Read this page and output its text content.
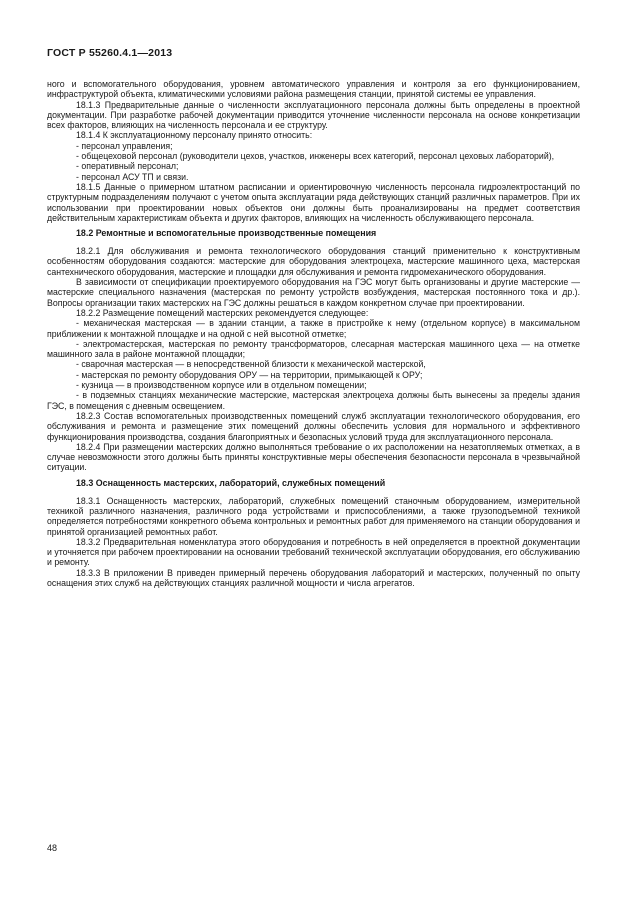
ГОСТ Р 55260.4.1—2013

ного и вспомогательного оборудования, уровнем автоматического управления и контроля за его функционированием, инфраструктурой объекта, климатическими условиями района размещения станции, принятой системы ее управления.

18.1.3 Предварительные данные о численности эксплуатационного персонала должны быть определены в проектной документации. При разработке рабочей документации приводится уточнение численности персонала на основе конкретизации всех факторов, влияющих на численность персонала и ее структуру.

18.1.4 К эксплуатационному персоналу принято относить:

- персонал управления;

- общецеховой персонал (руководители цехов, участков, инженеры всех категорий, персонал цеховых лабораторий),

- оперативный персонал;

- персонал АСУ ТП и связи.

18.1.5 Данные о примерном штатном расписании и ориентировочную численность персонала гидроэлектростанций по структурным подразделениям получают с учетом опыта эксплуатации ряда действующих станций различных параметров. При их использовании при проектировании новых объектов они должны быть проанализированы на предмет соответствия действительным характеристикам объекта и других факторов, влияющих на численность обслуживающего персонала.

18.2 Ремонтные и вспомогательные производственные помещения

18.2.1 Для обслуживания и ремонта технологического оборудования станций применительно к конструктивным особенностям оборудования создаются: мастерские для оборудования электроцеха, мастерские машинного цеха, мастерская сантехнического оборудования, мастерские и площадки для обслуживания и ремонта гидромеханического оборудования.

В зависимости от спецификации проектируемого оборудования на ГЭС могут быть организованы и другие мастерские — мастерские специального назначения (мастерская по ремонту устройств возбуждения, мастерская постоянного тока и др.). Вопросы организации таких мастерских на ГЭС должны решаться в каждом конкретном случае при проектировании.

18.2.2 Размещение помещений мастерских рекомендуется следующее:

- механическая мастерская — в здании станции, а также в пристройке к нему (отдельном корпусе) в максимальном приближении к монтажной площадке и на одной с ней высотной отметке;

- электромастерская, мастерская по ремонту трансформаторов, слесарная мастерская машинного цеха — на отметке машинного зала в районе монтажной площадки;

- сварочная мастерская — в непосредственной близости к механической мастерской,

- мастерская по ремонту оборудования ОРУ — на территории, примыкающей к ОРУ;

- кузница — в производственном корпусе или в отдельном помещении;

- в подземных станциях механические мастерские, мастерская электроцеха должны быть вынесены за пределы здания ГЭС, в помещения с дневным освещением.

18.2.3 Состав вспомогательных производственных помещений служб эксплуатации технологического оборудования, его обслуживания и ремонта и размещение этих помещений должны обеспечить условия для нормального и эффективного функционирования производства, создания благоприятных и безопасных условий труда для эксплуатационного персонала.

18.2.4 При размещении мастерских должно выполняться требование о их расположении на незатопляемых отметках, а в случае невозможности этого должны быть приняты конструктивные меры обеспечения безопасности персонала в чрезвычайной ситуации.

18.3 Оснащенность мастерских, лабораторий, служебных помещений

18.3.1 Оснащенность мастерских, лабораторий, служебных помещений станочным оборудованием, измерительной техникой различного назначения, различного рода устройствами и приспособлениями, а также грузоподъемной техникой определяется потребностями конкретного объема контрольных и ремонтных работ для применяемого на станции оборудования и принятой организацией ремонтных работ.

18.3.2 Предварительная номенклатура этого оборудования и потребность в ней определяется в проектной документации и уточняется при рабочем проектировании на основании требований технической эксплуатации оборудования, его обслуживанию и ремонту.

18.3.3 В приложении В приведен примерный перечень оборудования лабораторий и мастерских, полученный по опыту оснащения этих служб на действующих станциях различной мощности и числа агрегатов.

48
